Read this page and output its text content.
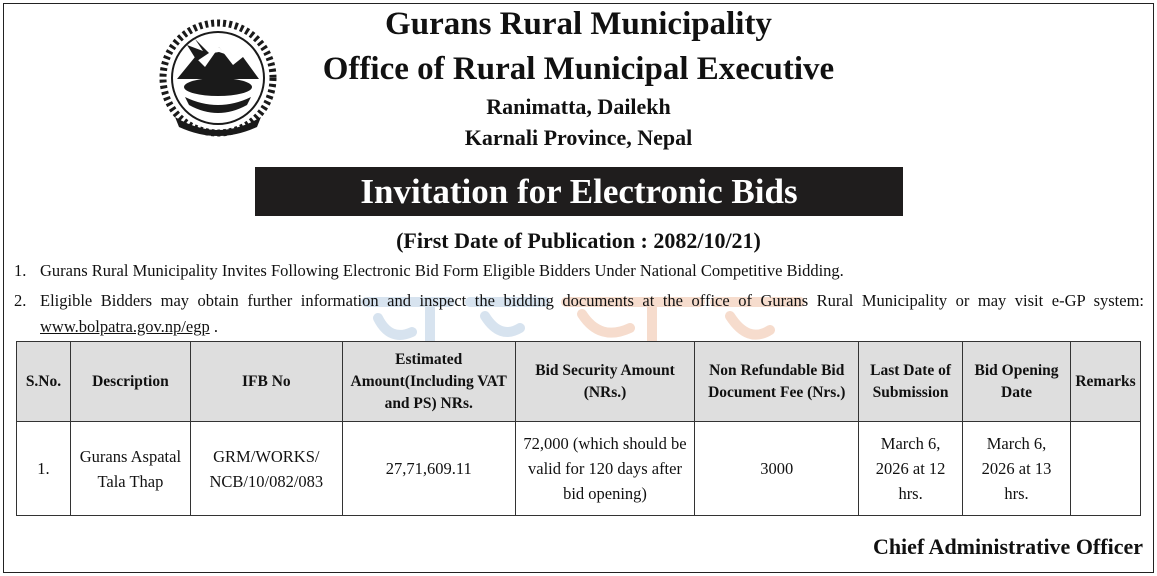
Gurans Rural Municipality
Office of Rural Municipal Executive
Ranimatta, Dailekh
Karnali Province, Nepal
Invitation for Electronic Bids
(First Date of Publication : 2082/10/21)
1. Gurans Rural Municipality Invites Following Electronic Bid Form Eligible Bidders Under National Competitive Bidding.
2. Eligible Bidders may obtain further information and inspect the bidding documents at the office of Gurans Rural Municipality or may visit e-GP system: www.bolpatra.gov.np/egp .
S.No.	Description	IFB No	Estimated Amount(Including VAT and PS) NRs.	Bid Security Amount (NRs.)	Non Refundable Bid Document Fee (Nrs.)	Last Date of Submission	Bid Opening Date	Remarks
1.	Gurans Aspatal Tala Thap	GRM/WORKS/ NCB/10/082/083	27,71,609.11	72,000 (which should be valid for 120 days after bid opening)	3000	March 6, 2026 at 12 hrs.	March 6, 2026 at 13 hrs.	
Chief Administrative Officer
